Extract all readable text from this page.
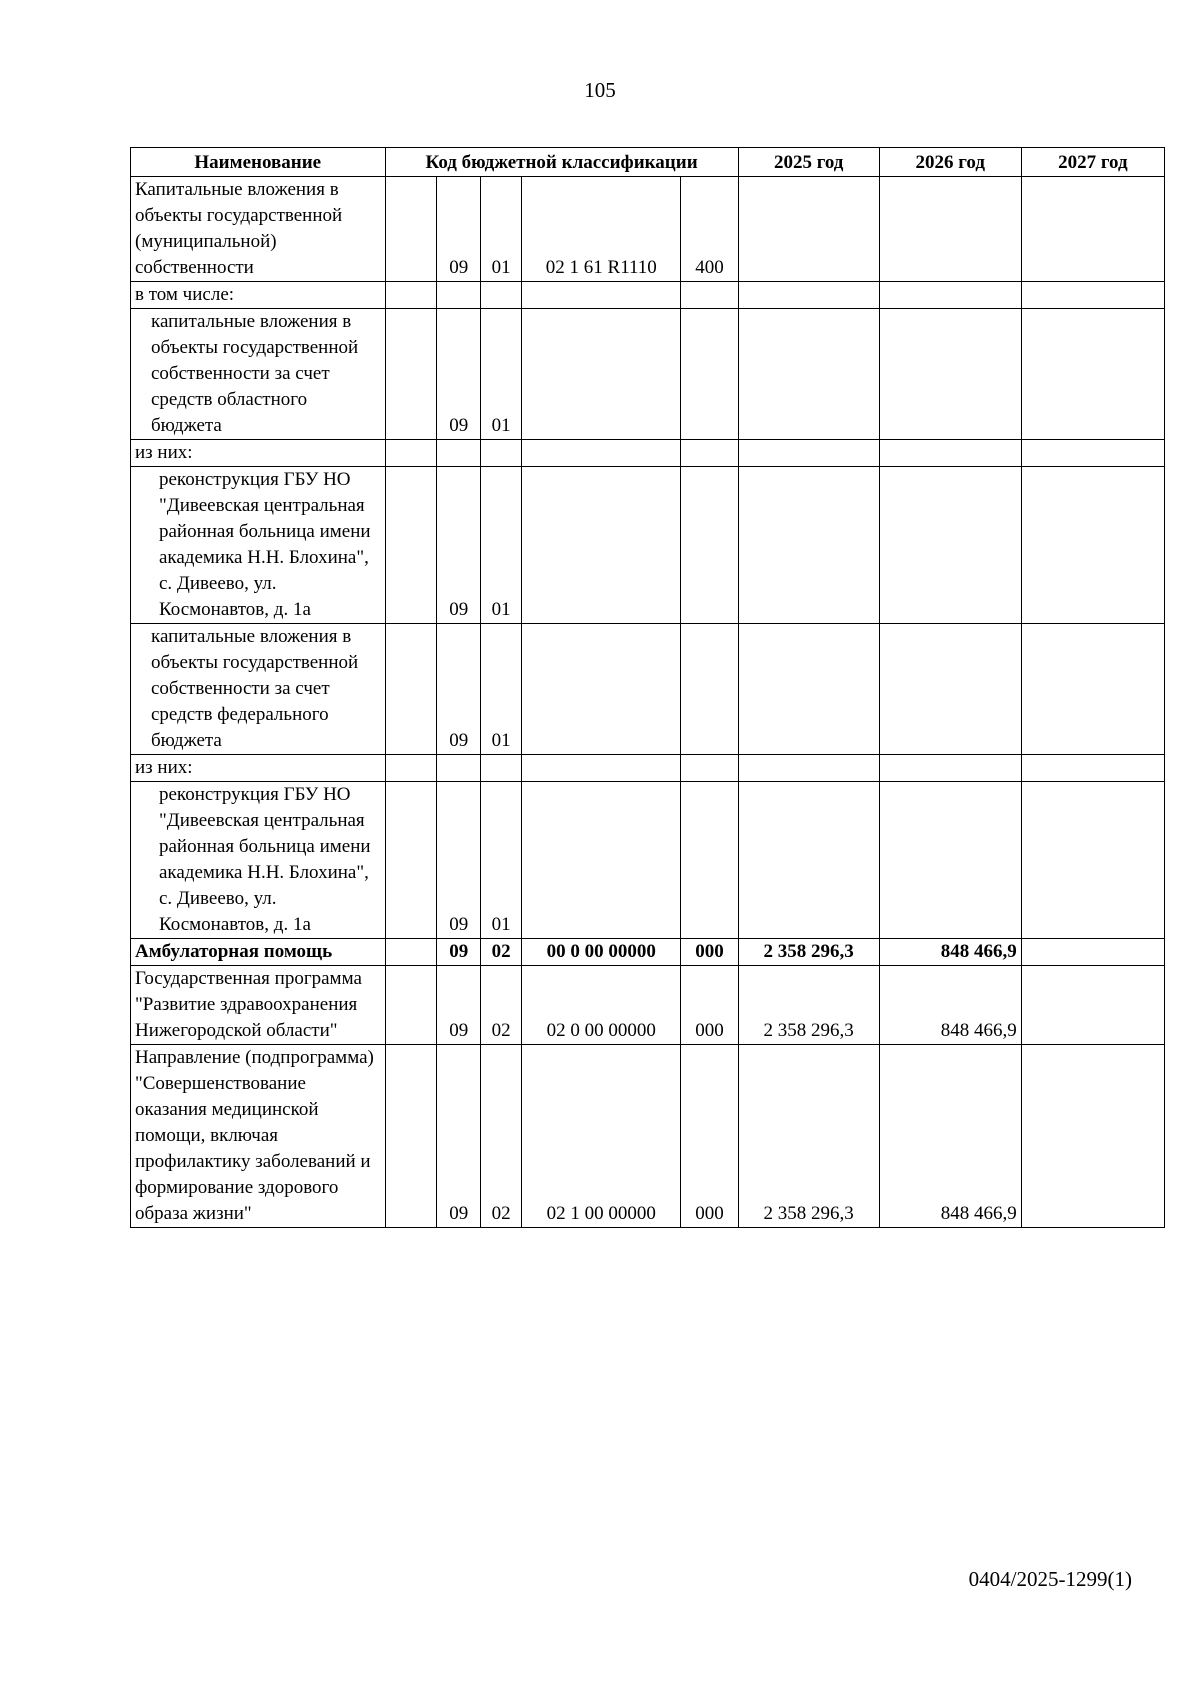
105
Наименование	Код бюджетной классификации					2025 год	2026 год	2027 год
Капитальные вложения в объекты государственной (муниципальной) собственности		09	01	02 1 61 R1110	400			
в том числе:								
капитальные вложения в объекты государственной собственности за счет средств областного бюджета		09	01					
из них:								
реконструкция ГБУ НО "Дивеевская центральная районная больница имени академика Н.Н. Блохина", с. Дивеево, ул. Космонавтов, д. 1а		09	01					
капитальные вложения в объекты государственной собственности за счет средств федерального бюджета		09	01					
из них:								
реконструкция ГБУ НО "Дивеевская центральная районная больница имени академика Н.Н. Блохина", с. Дивеево, ул. Космонавтов, д. 1а		09	01					
Амбулаторная помощь		09	02	00 0 00 00000	000	2 358 296,3	848 466,9	
Государственная программа "Развитие здравоохранения Нижегородской области"		09	02	02 0 00 00000	000	2 358 296,3	848 466,9	
Направление (подпрограмма) "Совершенствование оказания медицинской помощи, включая профилактику заболеваний и формирование здорового образа жизни"		09	02	02 1 00 00000	000	2 358 296,3	848 466,9	
0404/2025-1299(1)
